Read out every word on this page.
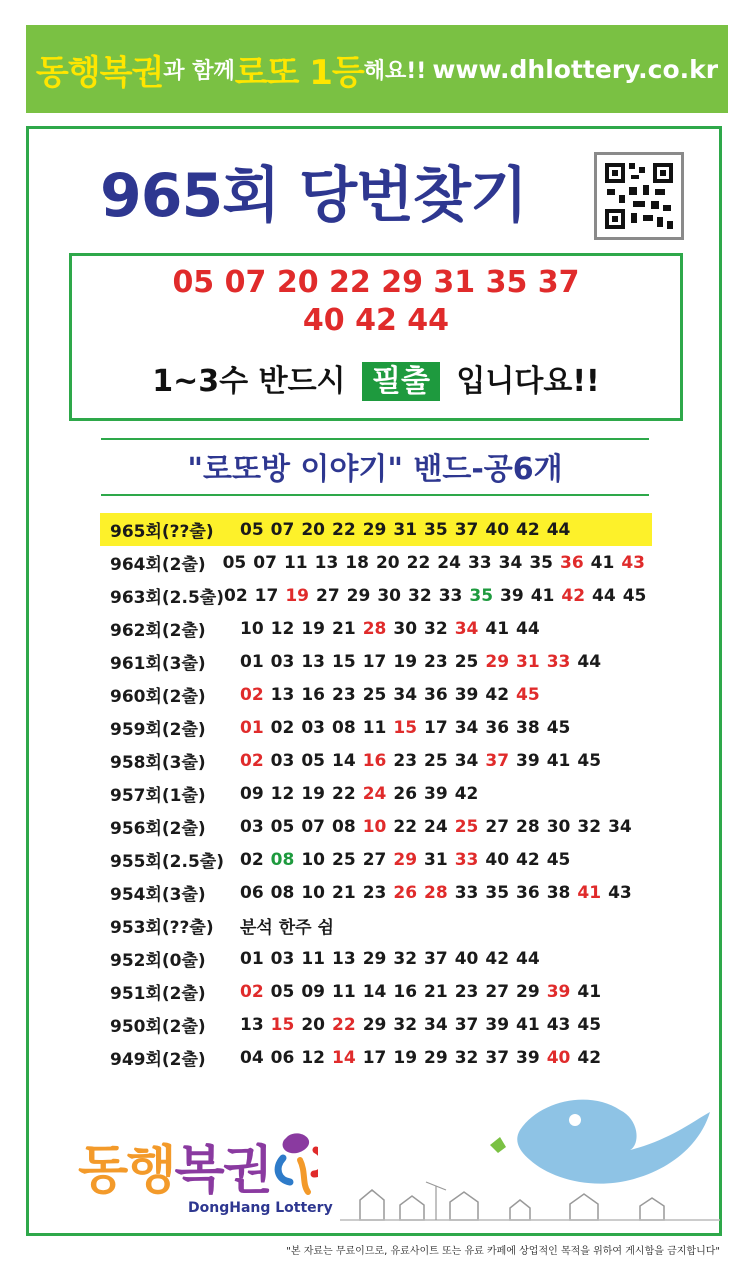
동행복권 과 함께 로또 1등 해요!! www.dhlottery.co.kr
965회 당번찾기
05 07 20 22 29 31 35 37
40 42 44
1~3수 반드시 필출 입니다요!!
"로또방 이야기" 밴드-공6개
965회(??출)	05 07 20 22 29 31 35 37 40 42 44
964회(2출) 05 07 11 13 18 20 22 24 33 34 35 36 41 43
963회(2.5출) 02 17 19 27 29 30 32 33 35 39 41 42 44 45
962회(2출)	10 12 19 21 28 30 32 34 41 44
961회(3출)	01 03 13 15 17 19 23 25 29 31 33 44
960회(2출)	02 13 16 23 25 34 36 39 42 45
959회(2출)	01 02 03 08 11 15 17 34 36 38 45
958회(3출)	02 03 05 14 16 23 25 34 37 39 41 45
957회(1출)	09 12 19 22 24 26 39 42
956회(2출)	03 05 07 08 10 22 24 25 27 28 30 32 34
955회(2.5출) 02 08 10 25 27 29 31 33 40 42 45
954회(3출)	06 08 10 21 23 26 28 33 35 36 38 41 43
953회(??출)	분석 한주 쉼
952회(0출)	01 03 11 13 29 32 37 40 42 44
951회(2출)	02 05 09 11 14 16 21 23 27 29 39 41
950회(2출)	13 15 20 22 29 32 34 37 39 41 43 45
949회(2출)	04 06 12 14 17 19 29 32 37 39 40 42
동행복권
DongHang Lottery
"본 자료는 무료이므로, 유료사이트 또는 유료 카페에 상업적인 목적을 위하여 게시함을 금지합니다"
